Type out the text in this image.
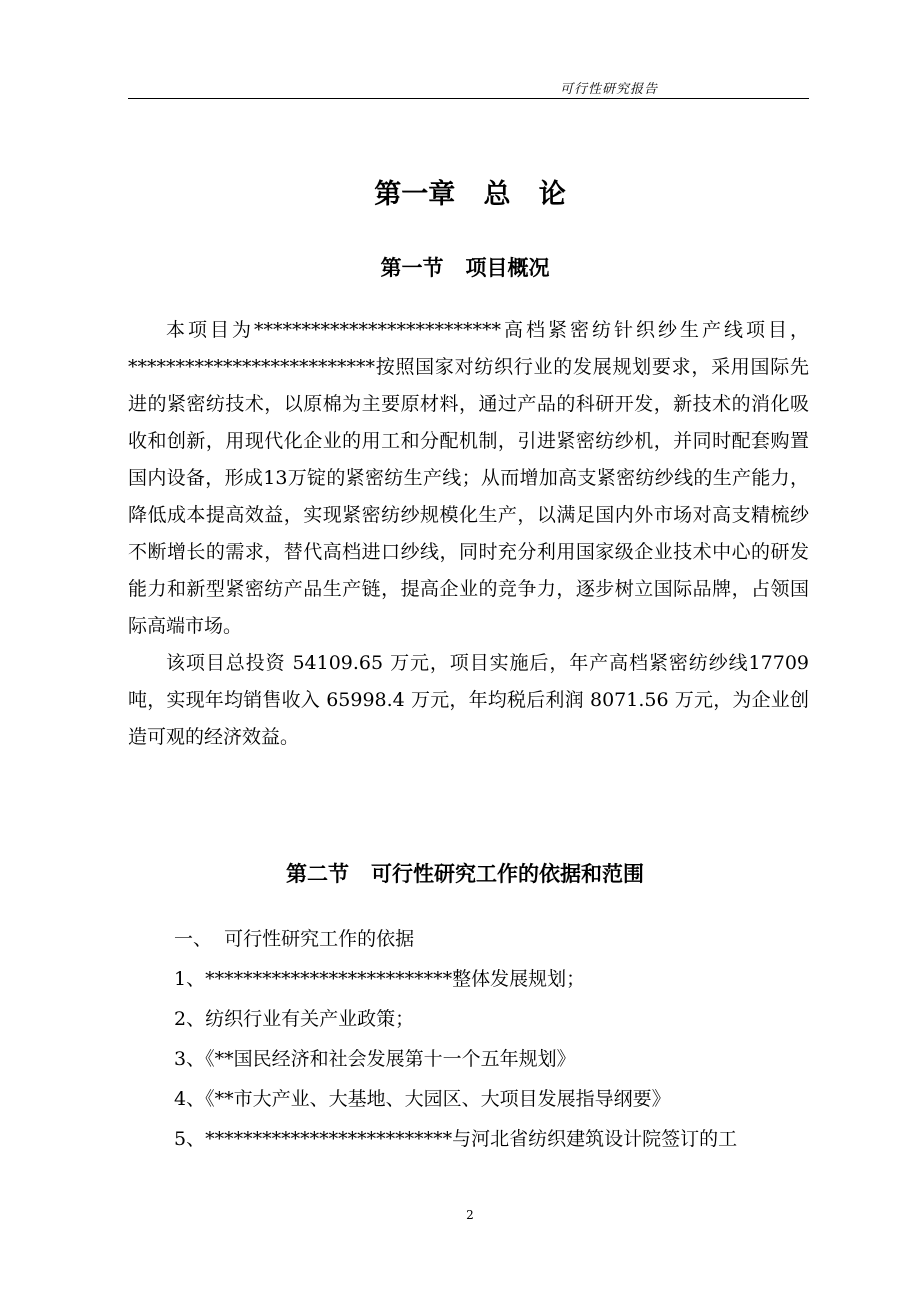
可行性研究报告
第一章   总   论
第一节   项目概况

本项目为**************************高档紧密纺针织纱生产线项目，**************************按照国家对纺织行业的发展规划要求，采用国际先进的紧密纺技术，以原棉为主要原材料，通过产品的科研开发，新技术的消化吸收和创新，用现代化企业的用工和分配机制，引进紧密纺纱机，并同时配套购置国内设备，形成13万锭的紧密纺生产线；从而增加高支紧密纺纱线的生产能力，降低成本提高效益，实现紧密纺纱规模化生产，以满足国内外市场对高支精梳纱不断增长的需求，替代高档进口纱线，同时充分利用国家级企业技术中心的研发能力和新型紧密纺产品生产链，提高企业的竞争力，逐步树立国际品牌，占领国际高端市场。

该项目总投资 54109.65 万元，项目实施后，年产高档紧密纺纱线17709吨，实现年均销售收入 65998.4 万元，年均税后利润 8071.56 万元，为企业创造可观的经济效益。

第二节   可行性研究工作的依据和范围
一、  可行性研究工作的依据
1、**************************整体发展规划；
2、纺织行业有关产业政策；
3、《**国民经济和社会发展第十一个五年规划》
4、《**市大产业、大基地、大园区、大项目发展指导纲要》
5、**************************与河北省纺织建筑设计院签订的工
2
